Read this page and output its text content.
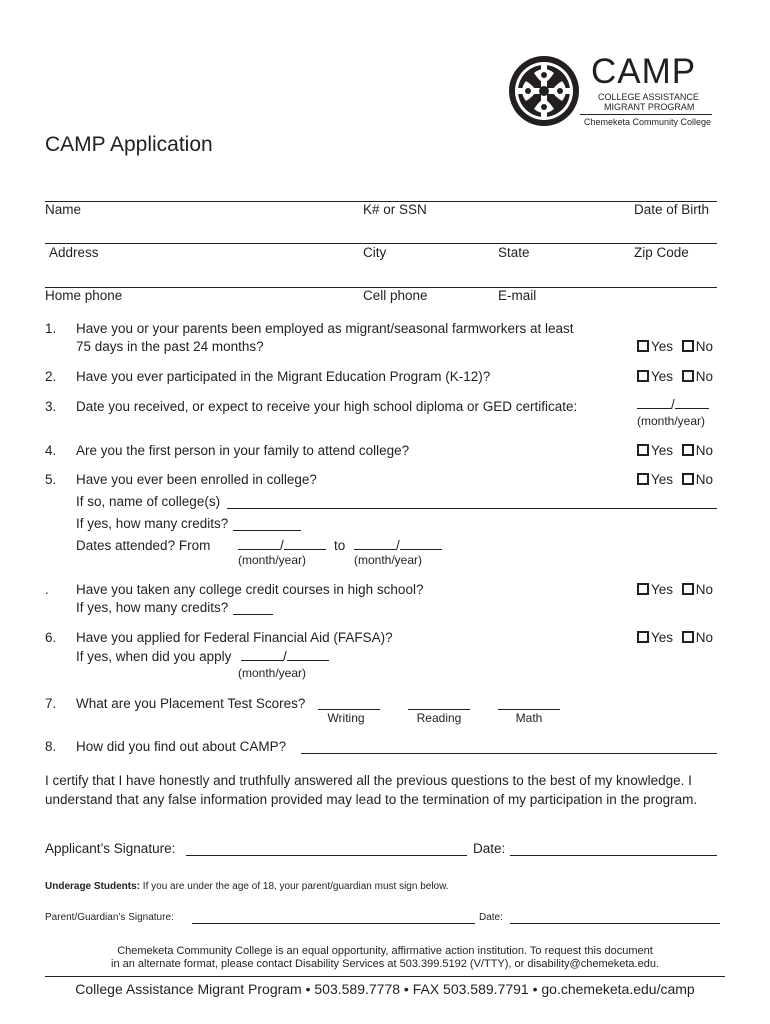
CAMP
COLLEGE ASSISTANCE
MIGRANT PROGRAM
Chemeketa Community College
CAMP Application
Name	K# or SSN	Date of Birth
Address	City	State	Zip Code
Home phone	Cell phone	E-mail
1. Have you or your parents been employed as migrant/seasonal farmworkers at least
75 days in the past 24 months?	Yes No
2. Have you ever participated in the Migrant Education Program (K-12)?	Yes No
3. Date you received, or expect to receive your high school diploma or GED certificate:	/
(month/year)
4. Are you the first person in your family to attend college?	Yes No
5. Have you ever been enrolled in college?	Yes No
If so, name of college(s)
If yes, how many credits?
Dates attended? From	/	to	/
(month/year)	(month/year)
. Have you taken any college credit courses in high school?	Yes No
If yes, how many credits?
6. Have you applied for Federal Financial Aid (FAFSA)?	Yes No
If yes, when did you apply	/
(month/year)
7. What are you Placement Test Scores?
Writing	Reading	Math
8. How did you find out about CAMP?
I certify that I have honestly and truthfully answered all the previous questions to the best of my knowledge. I
understand that any false information provided may lead to the termination of my participation in the program.
Applicant’s Signature:	Date:
Underage Students: If you are under the age of 18, your parent/guardian must sign below.
Parent/Guardian’s Signature:	Date:
Chemeketa Community College is an equal opportunity, affirmative action institution. To request this document
in an alternate format, please contact Disability Services at 503.399.5192 (V/TTY), or disability@chemeketa.edu.
College Assistance Migrant Program • 503.589.7778 • FAX 503.589.7791 • go.chemeketa.edu/camp
